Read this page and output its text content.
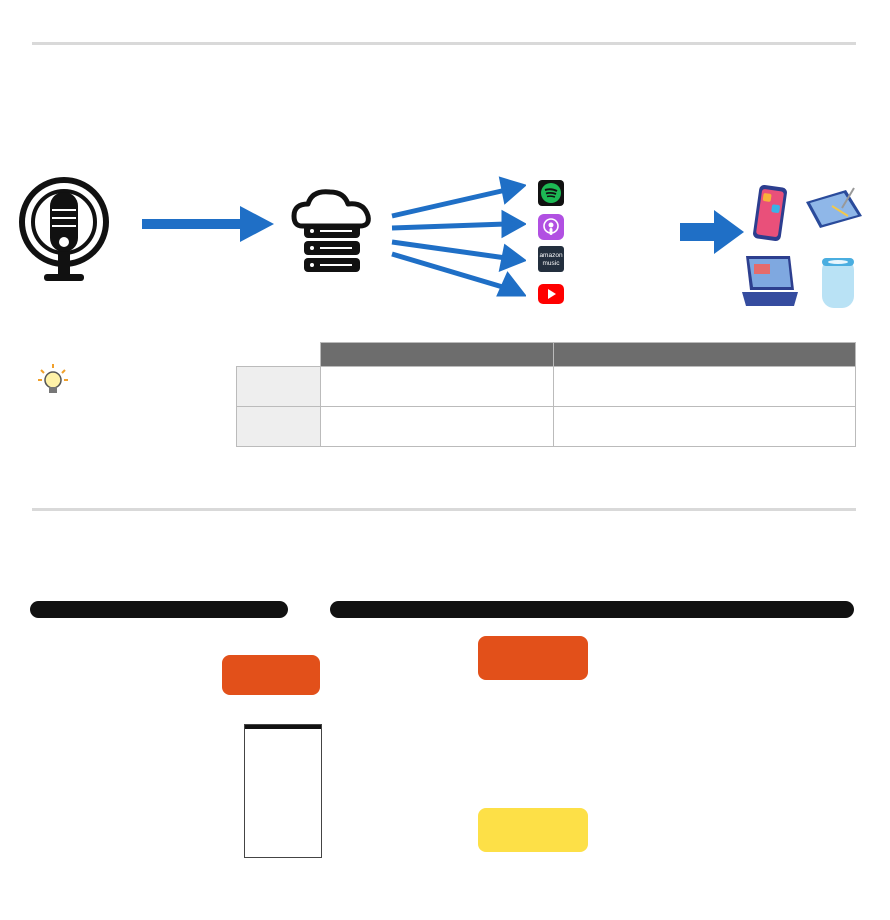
amazon
music
